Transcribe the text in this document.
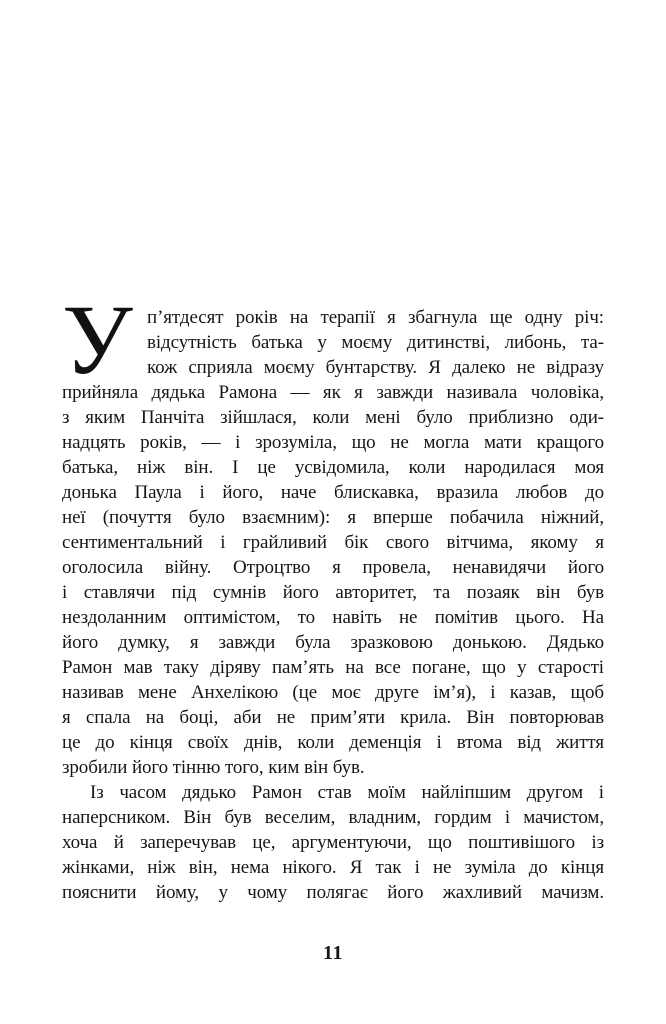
У п’ятдесят років на терапії я збагнула ще одну річ:
відсутність батька у моєму дитинстві, либонь, та-
кож сприяла моєму бунтарству. Я далеко не відразу
прийняла дядька Рамона — як я завжди називала чоловіка,
з яким Панчіта зійшлася, коли мені було приблизно оди-
надцять років, — і зрозуміла, що не могла мати кращого
батька, ніж він. І це усвідомила, коли народилася моя
донька Паула і його, наче блискавка, вразила любов до
неї (почуття було взаємним): я вперше побачила ніжний,
сентиментальний і грайливий бік свого вітчима, якому я
оголосила війну. Отроцтво я провела, ненавидячи його
і ставлячи під сумнів його авторитет, та позаяк він був
нездоланним оптимістом, то навіть не помітив цього. На
його думку, я завжди була зразковою донькою. Дядько
Рамон мав таку діряву пам’ять на все погане, що у старості
називав мене Анхелікою (це моє друге ім’я), і казав, щоб
я спала на боці, аби не прим’яти крила. Він повторював
це до кінця своїх днів, коли деменція і втома від життя
зробили його тінню того, ким він був.
Із часом дядько Рамон став моїм найліпшим другом і
наперсником. Він був веселим, владним, гордим і мачистом,
хоча й заперечував це, аргументуючи, що поштивішого із
жінками, ніж він, нема нікого. Я так і не зуміла до кінця
пояснити йому, у чому полягає його жахливий мачизм.
11
